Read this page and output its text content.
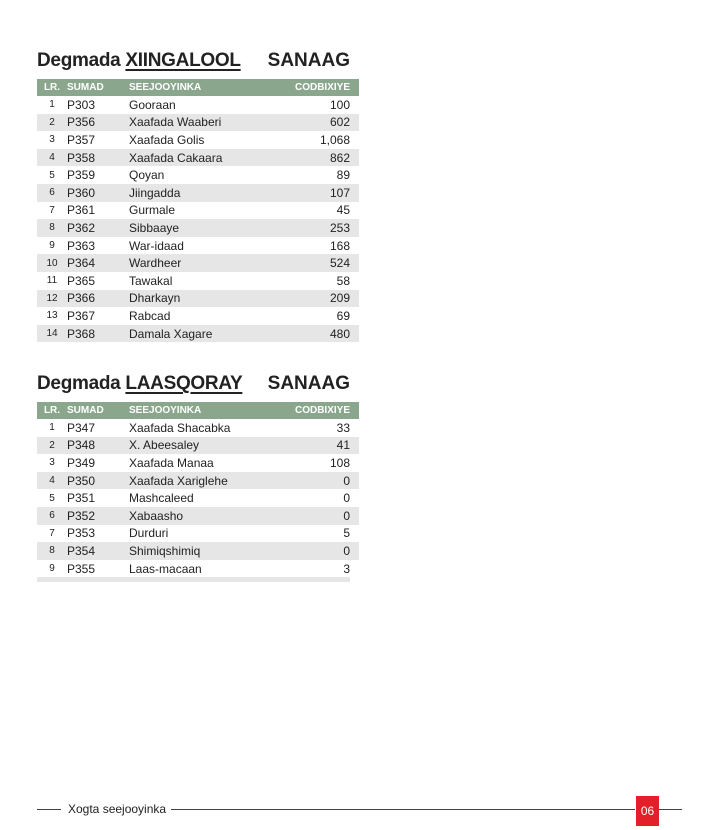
Degmada XIINGALOOL SANAAG
LR.	SUMAD	SEEJOOYINKA	CODBIXIYE
1	P303	Gooraan	100
2	P356	Xaafada Waaberi	602
3	P357	Xaafada Golis	1,068
4	P358	Xaafada Cakaara	862
5	P359	Qoyan	89
6	P360	Jiingadda	107
7	P361	Gurmale	45
8	P362	Sibbaaye	253
9	P363	War-idaad	168
10	P364	Wardheer	524
11	P365	Tawakal	58
12	P366	Dharkayn	209
13	P367	Rabcad	69
14	P368	Damala Xagare	480
Degmada LAASQORAY SANAAG
LR.	SUMAD	SEEJOOYINKA	CODBIXIYE
1	P347	Xaafada Shacabka	33
2	P348	X. Abeesaley	41
3	P349	Xaafada Manaa	108
4	P350	Xaafada Xariglehe	0
5	P351	Mashcaleed	0
6	P352	Xabaasho	0
7	P353	Durduri	5
8	P354	Shimiqshimiq	0
9	P355	Laas-macaan	3
Xogta seejooyinka	06
